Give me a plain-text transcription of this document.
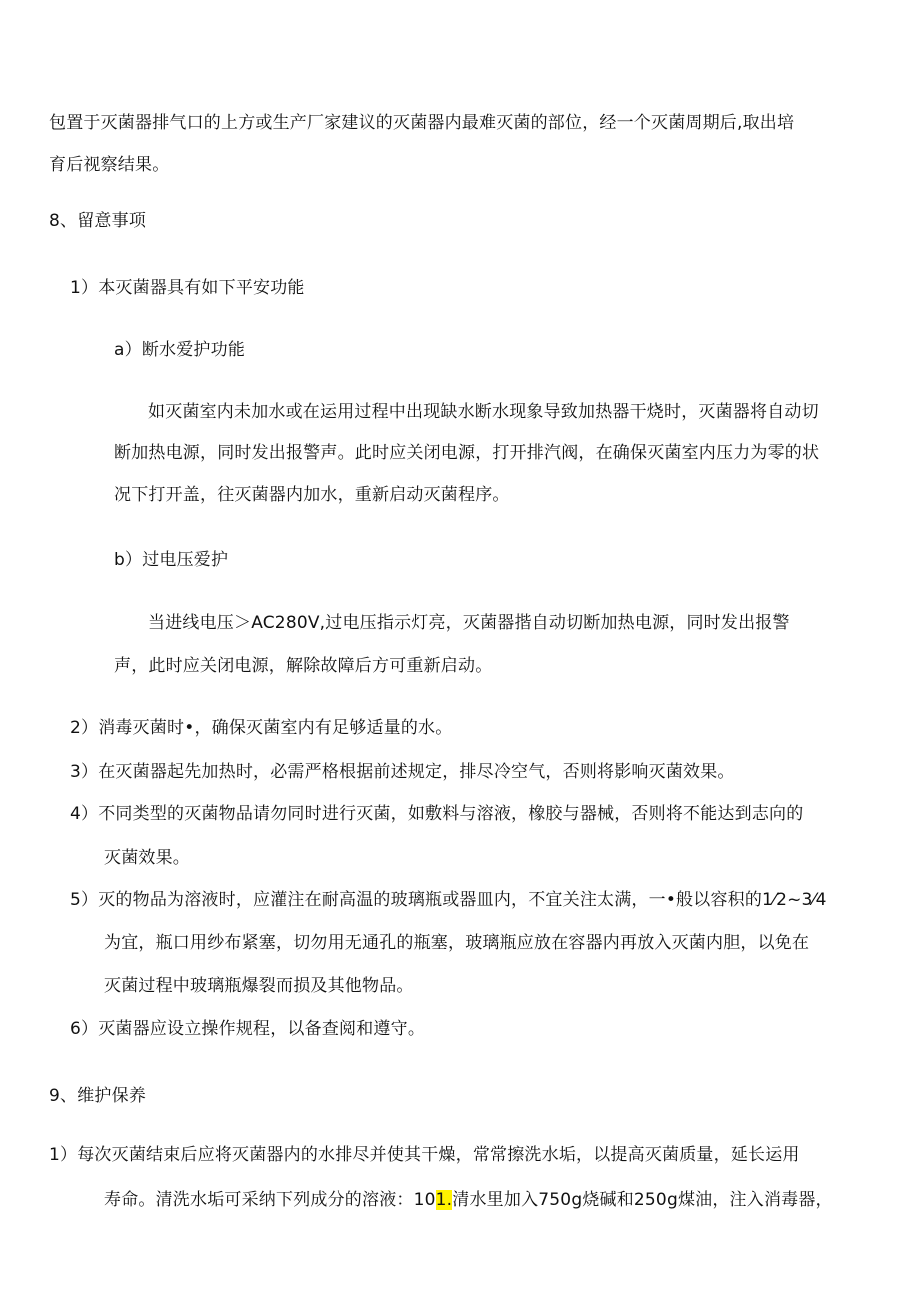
包置于灭菌器排气口的上方或生产厂家建议的灭菌器内最难灭菌的部位，经一个灭菌周期后,取出培

育后视察结果。

8、留意事项

1）本灭菌器具有如下平安功能

a）断水爱护功能

如灭菌室内未加水或在运用过程中出现缺水断水现象导致加热器干烧时，灭菌器将自动切

断加热电源，同时发出报警声。此时应关闭电源，打开排汽阀，在确保灭菌室内压力为零的状

况下打开盖，往灭菌器内加水，重新启动灭菌程序。

b）过电压爱护

当进线电压＞AC280V,过电压指示灯亮，灭菌器揩自动切断加热电源，同时发出报警

声，此时应关闭电源，解除故障后方可重新启动。

2）消毒灭菌时•，确保灭菌室内有足够适量的水。

3）在灭菌器起先加热时，必需严格根据前述规定，排尽冷空气，否则将影响灭菌效果。

4）不同类型的灭菌物品请勿同时进行灭菌，如敷料与溶液，橡胶与器械，否则将不能达到志向的

灭菌效果。

5）灭的物品为溶液时，应灌注在耐高温的玻璃瓶或器皿内，不宜关注太满，一•般以容积的1⁄2~3⁄4

为宜，瓶口用纱布紧塞，切勿用无通孔的瓶塞，玻璃瓶应放在容器内再放入灭菌内胆，以免在

灭菌过程中玻璃瓶爆裂而损及其他物品。

6）灭菌器应设立操作规程，以备查阅和遵守。

9、维护保养

1）每次灭菌结束后应将灭菌器内的水排尽并使其干燥，常常擦洗水垢，以提高灭菌质量，延长运用

寿命。清洗水垢可采纳下列成分的溶液：101.清水里加入750g烧碱和250g煤油，注入消毒器，
